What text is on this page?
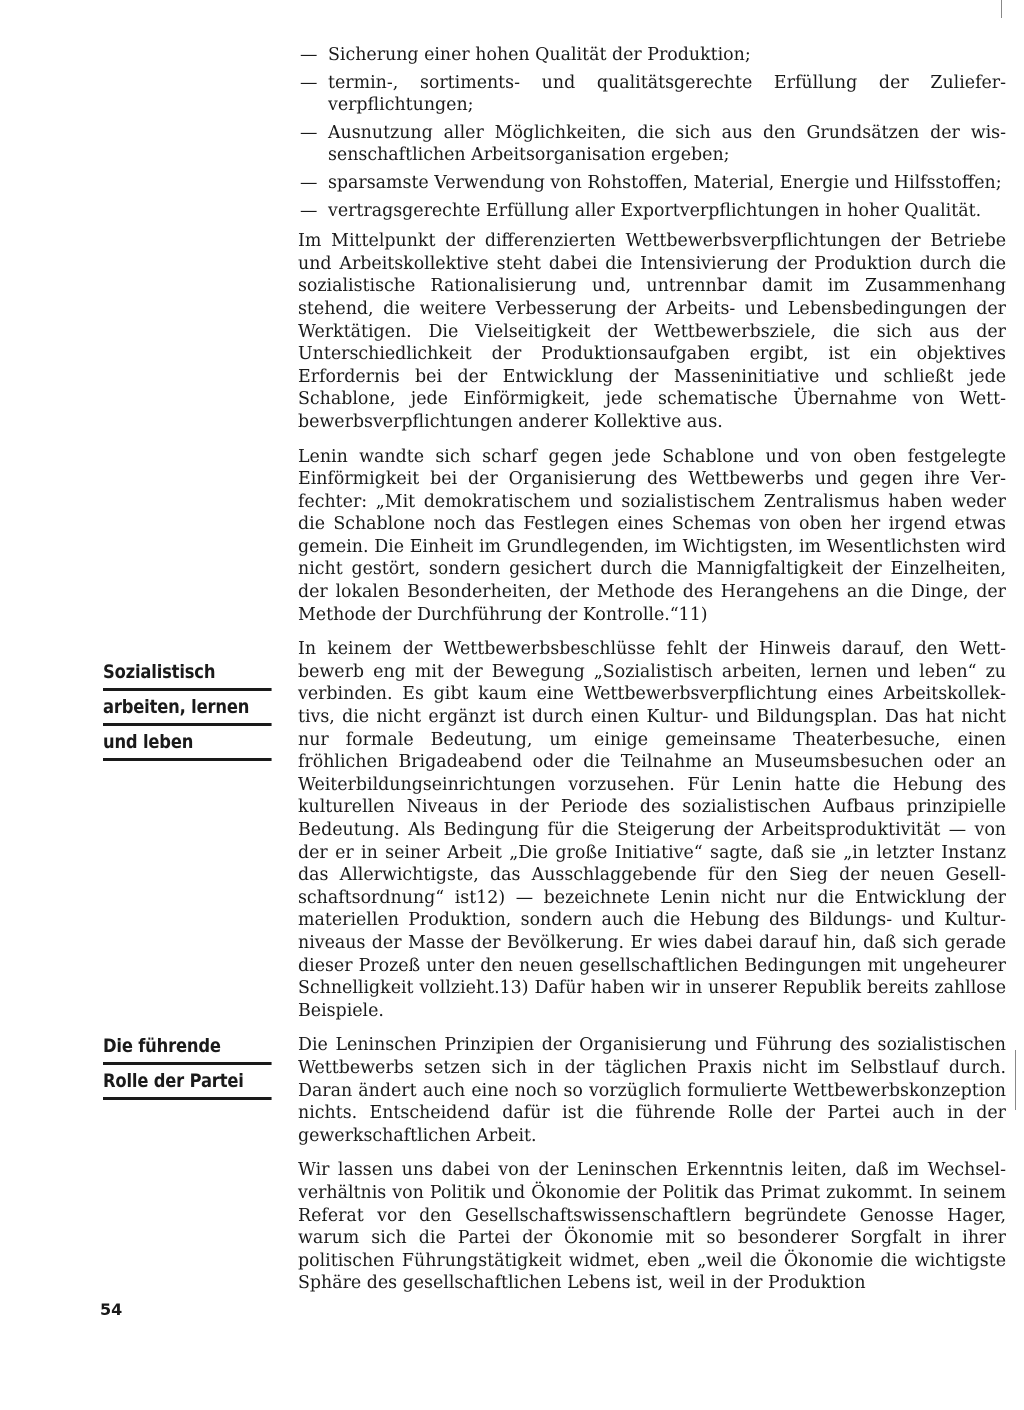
— Sicherung einer hohen Qualität der Produktion;
— termin-, sortiments- und qualitätsgerechte Erfüllung der Zulieferverpflichtungen;
— Ausnutzung aller Möglichkeiten, die sich aus den Grundsätzen der wissenschaftlichen Arbeitsorganisation ergeben;
— sparsamste Verwendung von Rohstoffen, Material, Energie und Hilfsstoffen;
— vertragsgerechte Erfüllung aller Exportverpflichtungen in hoher Qualität.

Im Mittelpunkt der differenzierten Wettbewerbsverpflichtungen der Betriebe und Arbeitskollektive steht dabei die Intensivierung der Produktion durch die sozialistische Rationalisierung und, untrennbar damit im Zusammenhang stehend, die weitere Verbesserung der Arbeits- und Lebensbedingungen der Werktätigen. Die Vielseitigkeit der Wettbewerbsziele, die sich aus der Unterschiedlichkeit der Produktionsaufgaben ergibt, ist ein objektives Erfordernis bei der Entwicklung der Masseninitiative und schließt jede Schablone, jede Einförmigkeit, jede schematische Übernahme von Wettbewerbsverpflichtungen anderer Kollektive aus.

Lenin wandte sich scharf gegen jede Schablone und von oben festgelegte Einförmigkeit bei der Organisierung des Wettbewerbs und gegen ihre Verfechter: „Mit demokratischem und sozialistischem Zentralismus haben weder die Schablone noch das Festlegen eines Schemas von oben her irgend etwas gemein. Die Einheit im Grundlegenden, im Wichtigsten, im Wesentlichsten wird nicht gestört, sondern gesichert durch die Mannigfaltigkeit der Einzelheiten, der lokalen Besonderheiten, der Methode des Herangehens an die Dinge, der Methode der Durchführung der Kontrolle.“11)

In keinem der Wettbewerbsbeschlüsse fehlt der Hinweis darauf, den Wettbewerb eng mit der Bewegung „Sozialistisch arbeiten, lernen und leben“ zu verbinden. Es gibt kaum eine Wettbewerbsverpflichtung eines Arbeitskollektivs, die nicht ergänzt ist durch einen Kultur- und Bildungsplan. Das hat nicht nur formale Bedeutung, um einige gemeinsame Theaterbesuche, einen fröhlichen Brigadeabend oder die Teilnahme an Museumsbesuchen oder an Weiterbildungseinrichtungen vorzusehen. Für Lenin hatte die Hebung des kulturellen Niveaus in der Periode des sozialistischen Aufbaus prinzipielle Bedeutung. Als Bedingung für die Steigerung der Arbeitsproduktivität — von der er in seiner Arbeit „Die große Initiative“ sagte, daß sie „in letzter Instanz das Allerwichtigste, das Ausschlaggebende für den Sieg der neuen Gesellschaftsordnung“ ist12) — bezeichnete Lenin nicht nur die Entwicklung der materiellen Produktion, sondern auch die Hebung des Bildungs- und Kulturniveaus der Masse der Bevölkerung. Er wies dabei darauf hin, daß sich gerade dieser Prozeß unter den neuen gesellschaftlichen Bedingungen mit ungeheurer Schnelligkeit vollzieht.13) Dafür haben wir in unserer Republik bereits zahllose Beispiele.

Die Leninschen Prinzipien der Organisierung und Führung des sozialistischen Wettbewerbs setzen sich in der täglichen Praxis nicht im Selbstlauf durch. Daran ändert auch eine noch so vorzüglich formulierte Wettbewerbskonzeption nichts. Entscheidend dafür ist die führende Rolle der Partei auch in der gewerkschaftlichen Arbeit.

Wir lassen uns dabei von der Leninschen Erkenntnis leiten, daß im Wechselverhältnis von Politik und Ökonomie der Politik das Primat zukommt. In seinem Referat vor den Gesellschaftswissenschaftlern begründete Genosse Hager, warum sich die Partei der Ökonomie mit so besonderer Sorgfalt in ihrer politischen Führungstätigkeit widmet, eben „weil die Ökonomie die wichtigste Sphäre des gesellschaftlichen Lebens ist, weil in der Produktion

Sozialistisch
arbeiten, lernen
und leben
Die führende
Rolle der Partei
54
